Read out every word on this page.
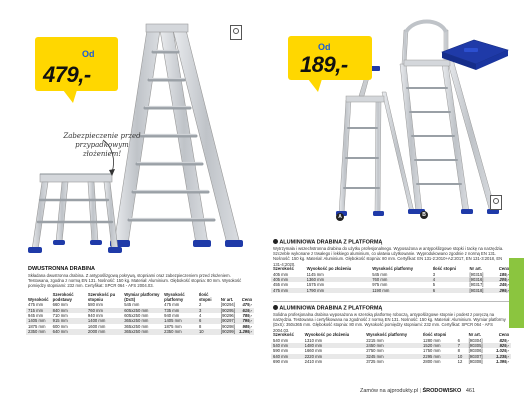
Od
479,-
Zabezpieczenie przed przypadkowym złożeniem!
DWUSTRONNA DRABINA
Składana dwustronna drabina. Z antypoślizgową pokrywą, stopniami oraz zabezpieczeniem przed złożeniem. Testowana, zgodna z normą EN 131. Nośność: 150 kg. Materiał: Aluminium. Głębokość stopnia: 80 mm. Wysokość pomiędzy stopniami: 232 mm. Certyfikat: SPCR 064 - AFS 2004.03.
Wysokość	Szerokość podstawy	Szerokość pu stopniu	Wymiar platformy (DxS)	Wysokość platformy	Ilość stopni	Nr art.	Cena
475 mm	660 mm	580 mm	545 mm	475 mm	2	[90294]	479,-
715 mm	840 mm	760 mm	605x250 mm	735 mm	3	[90295]	619,-
945 mm	710 mm	940 mm	605x250 mm	940 mm	4	[90296]	789,-
1405 mm	915 mm	1400 mm	365x250 mm	1405 mm	6	[90297]	799,-
1875 mm	600 mm	1600 mm	365x250 mm	1875 mm	8	[90298]	989,-
2350 mm	640 mm	2000 mm	365x250 mm	2350 mm	10	[90299]	1.299,-
Od
189,-
A	B
ALUMINIOWA DRABINA Z PLATFORMĄ
Wytrzymała i wszechstronna drabina do użytku profesjonalnego. Wyposażona w antypoślizgowe stopki i tackę na narzędzia. Szczeble wykonane z trwałego i lekkiego aluminium, co ułatwia użytkowanie. Wyprodukowano zgodnie z normą EN 131. Nośność: 150 kg. Materiał: Aluminium. Głębokość stopnia: 80 mm. Certyfikat: EN 131-2:2010+A2:2017, EN 131-3:2018, EN 131-4:2020.
Szerokość	Wysokość po złożeniu	Wysokość platformy	Ilość stopni	Nr art.	Cena
405 mm	1145 mm	545 mm	3	[90315]	189,-
405 mm	1360 mm	760 mm	4	[90316]	209,-
455 mm	1575 mm	975 mm	5	[90317]	249,-
475 mm	1790 mm	1190 mm	6	[90318]	299,-
ALUMINIOWA DRABINA Z PLATFORMĄ
Solidna profesjonalna drabina wyposażona w szeroką platformę roboczą, antypoślizgowe stopnie i podest z poręczą na narzędzia. Testowana i certyfikowana na zgodność z normą EN 131. Nośność: 150 kg. Materiał: Aluminium. Wymiar platformy (DxS): 350x365 mm. Głębokość stopnia: 80 mm. Wysokość pomiędzy stopniami: 232 mm. Certyfikat: SPCR 064 - AFS 2004.03.
Szerokość	Wysokość po złożeniu	Wysokość platformy	Ilość stopni		Nr art.	Cena
540 mm	1310 mm	2215 mm	1280 mm	6	[90304]	829,-
540 mm	1480 mm	2450 mm	1520 mm	7	[90305]	929,-
590 mm	1660 mm	2750 mm	1750 mm	8	[90306]	1.029,-
640 mm	2220 mm	3245 mm	2295 mm	10	[90307]	1.239,-
690 mm	2410 mm	3725 mm	2800 mm	12	[90308]	1.399,-
Zamów na ajprodukty.pl | ŚRODOWISKO 461
